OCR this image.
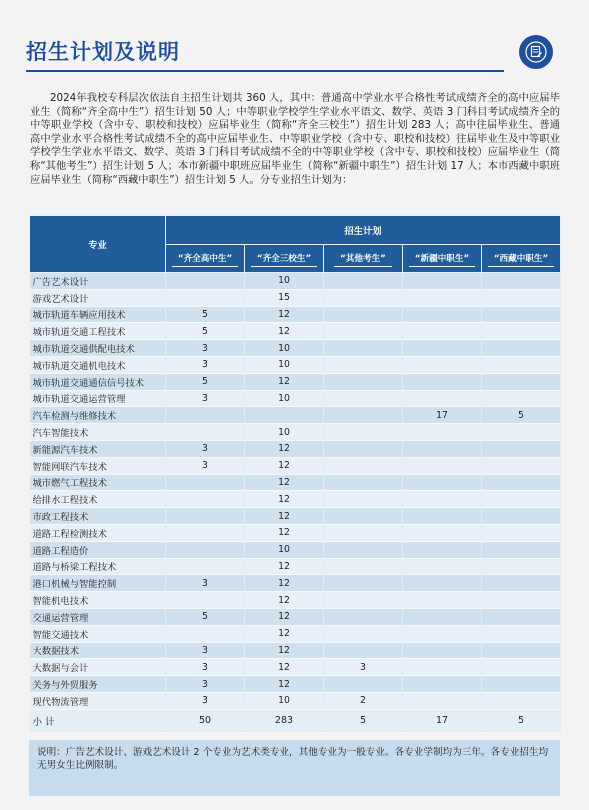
招生计划及说明

2024年我校专科层次依法自主招生计划共 360 人，其中：普通高中学业水平合格性考试成绩齐全的高中应届毕业生（简称“齐全高中生”）招生计划 50 人；中等职业学校学生学业水平语文、数学、英语 3 门科目考试成绩齐全的中等职业学校（含中专、职校和技校）应届毕业生（简称“齐全三校生”）招生计划 283 人；高中往届毕业生、普通高中学业水平合格性考试成绩不全的高中应届毕业生、中等职业学校（含中专、职校和技校）往届毕业生及中等职业学校学生学业水平语文、数学、英语 3 门科目考试成绩不全的中等职业学校（含中专、职校和技校）应届毕业生（简称“其他考生”）招生计划 5 人；本市新疆中职班应届毕业生（简称“新疆中职生”）招生计划 17 人；本市西藏中职班应届毕业生（简称“西藏中职生”）招生计划 5 人。分专业招生计划为：

专业	招生计划				
	“齐全高中生”	“齐全三校生”	“其他考生”	“新疆中职生”	“西藏中职生”
广告艺术设计		10			
游戏艺术设计		15			
城市轨道车辆应用技术	5	12			
城市轨道交通工程技术	5	12			
城市轨道交通供配电技术	3	10			
城市轨道交通机电技术	3	10			
城市轨道交通通信信号技术	5	12			
城市轨道交通运营管理	3	10			
汽车检测与维修技术				17	5
汽车智能技术		10			
新能源汽车技术	3	12			
智能网联汽车技术	3	12			
城市燃气工程技术		12			
给排水工程技术		12			
市政工程技术		12			
道路工程检测技术		12			
道路工程造价		10			
道路与桥梁工程技术		12			
港口机械与智能控制	3	12			
智能机电技术		12			
交通运营管理	5	12			
智能交通技术		12			
大数据技术	3	12			
大数据与会计	3	12	3		
关务与外贸服务	3	12			
现代物流管理	3	10	2		
小 计	50	283	5	17	5
说明：广告艺术设计、游戏艺术设计 2 个专业为艺术类专业，其他专业为一般专业。各专业学制均为三年。各专业招生均无男女生比例限制。
